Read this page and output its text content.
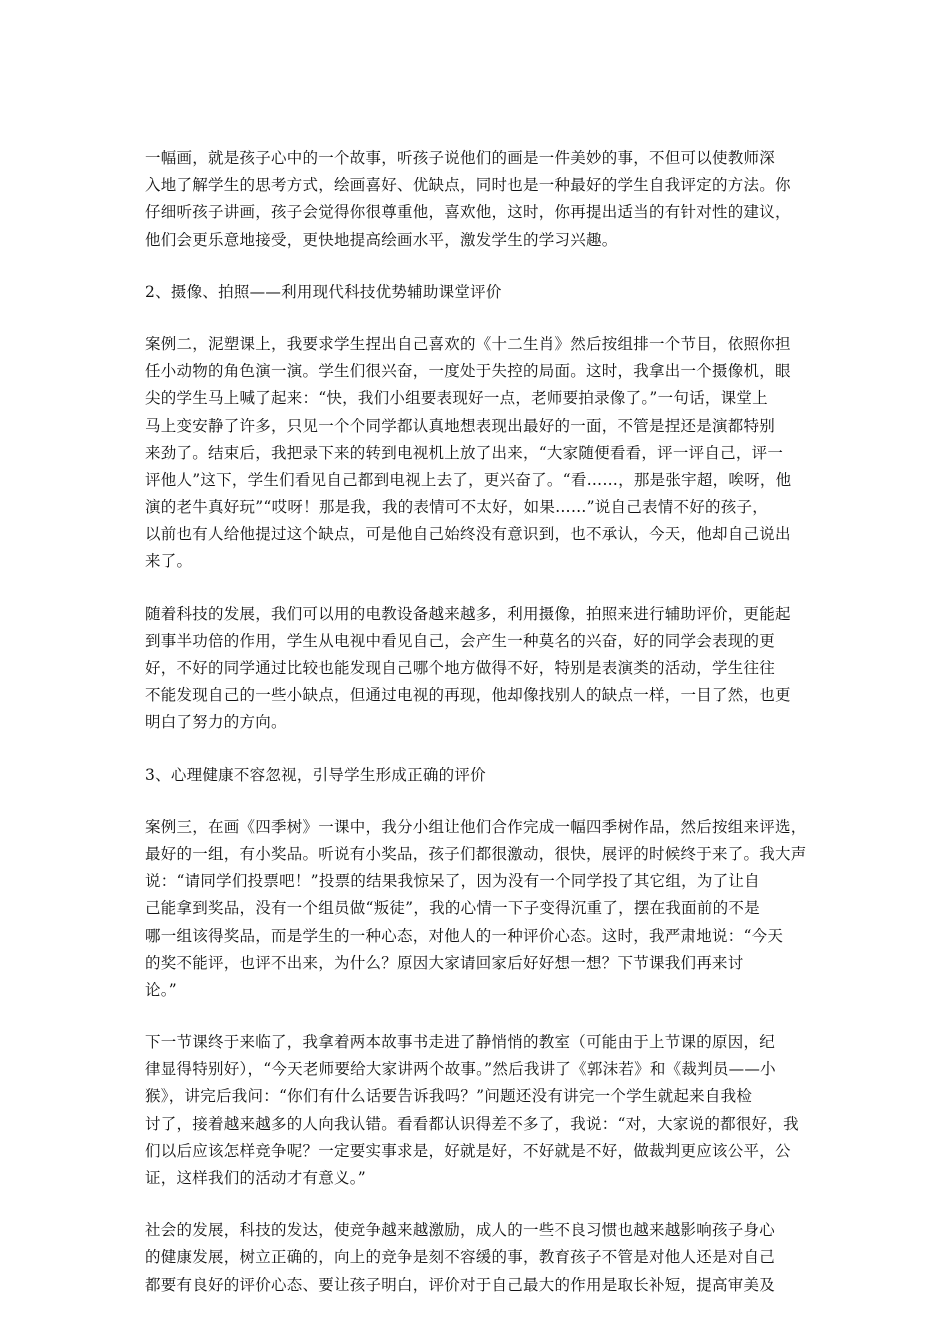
一幅画，就是孩子心中的一个故事，听孩子说他们的画是一件美妙的事，不但可以使教师深
入地了解学生的思考方式，绘画喜好、优缺点，同时也是一种最好的学生自我评定的方法。你
仔细听孩子讲画，孩子会觉得你很尊重他，喜欢他，这时，你再提出适当的有针对性的建议，
他们会更乐意地接受，更快地提高绘画水平，激发学生的学习兴趣。
2、摄像、拍照——利用现代科技优势辅助课堂评价
案例二，泥塑课上，我要求学生捏出自己喜欢的《十二生肖》然后按组排一个节目，依照你担
任小动物的角色演一演。学生们很兴奋，一度处于失控的局面。这时，我拿出一个摄像机，眼
尖的学生马上喊了起来：“快，我们小组要表现好一点，老师要拍录像了。”一句话，课堂上
马上变安静了许多，只见一个个同学都认真地想表现出最好的一面，不管是捏还是演都特别
来劲了。结束后，我把录下来的转到电视机上放了出来，“大家随便看看，评一评自己，评一
评他人”这下，学生们看见自己都到电视上去了，更兴奋了。“看……，那是张宇超，唉呀，他
演的老牛真好玩”“哎呀！那是我，我的表情可不太好，如果……”说自己表情不好的孩子，
以前也有人给他提过这个缺点，可是他自己始终没有意识到，也不承认，今天，他却自己说出
来了。
随着科技的发展，我们可以用的电教设备越来越多，利用摄像，拍照来进行辅助评价，更能起
到事半功倍的作用，学生从电视中看见自己，会产生一种莫名的兴奋，好的同学会表现的更
好，不好的同学通过比较也能发现自己哪个地方做得不好，特别是表演类的活动，学生往往
不能发现自己的一些小缺点，但通过电视的再现，他却像找别人的缺点一样，一目了然，也更
明白了努力的方向。
3、心理健康不容忽视，引导学生形成正确的评价
案例三，在画《四季树》一课中，我分小组让他们合作完成一幅四季树作品，然后按组来评选，
最好的一组，有小奖品。听说有小奖品，孩子们都很激动，很快，展评的时候终于来了。我大声
说：“请同学们投票吧！”投票的结果我惊呆了，因为没有一个同学投了其它组，为了让自
己能拿到奖品，没有一个组员做“叛徒”，我的心情一下子变得沉重了，摆在我面前的不是
哪一组该得奖品，而是学生的一种心态，对他人的一种评价心态。这时，我严肃地说：“今天
的奖不能评，也评不出来，为什么？原因大家请回家后好好想一想？下节课我们再来讨
论。”
下一节课终于来临了，我拿着两本故事书走进了静悄悄的教室（可能由于上节课的原因，纪
律显得特别好），“今天老师要给大家讲两个故事。”然后我讲了《郭沫若》和《裁判员——小
猴》，讲完后我问：“你们有什么话要告诉我吗？”问题还没有讲完一个学生就起来自我检
讨了，接着越来越多的人向我认错。看看都认识得差不多了，我说：“对，大家说的都很好，我
们以后应该怎样竞争呢？一定要实事求是，好就是好，不好就是不好，做裁判更应该公平，公
证，这样我们的活动才有意义。”
社会的发展，科技的发达，使竞争越来越激励，成人的一些不良习惯也越来越影响孩子身心
的健康发展，树立正确的，向上的竞争是刻不容缓的事，教育孩子不管是对他人还是对自己
都要有良好的评价心态、要让孩子明白，评价对于自己最大的作用是取长补短，提高审美及
